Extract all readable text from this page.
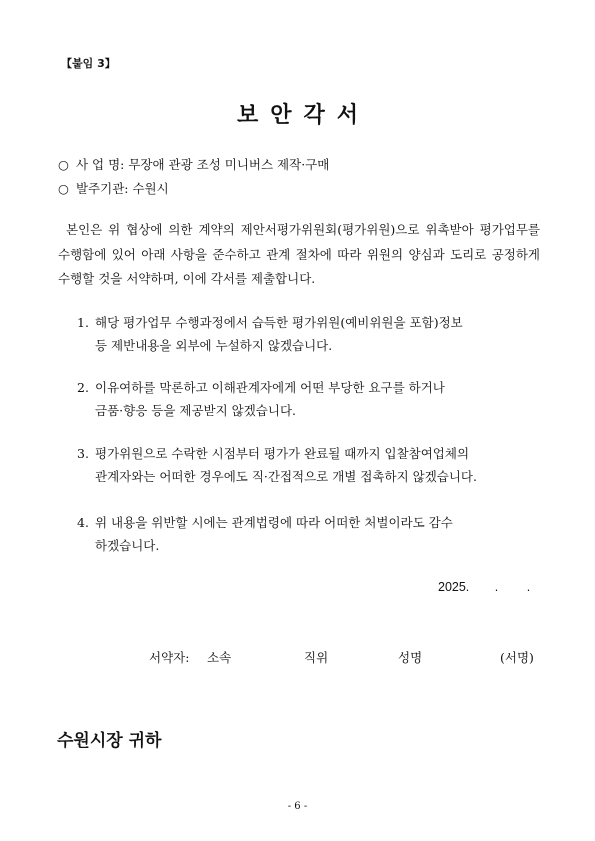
【붙임 3】
보안각서
○ 사 업 명: 무장애 관광 조성 미니버스 제작·구매
○ 발주기관: 수원시
본인은 위 협상에 의한 계약의 제안서평가위원회(평가위원)으로 위촉받아 평가업무를 수행함에 있어 아래 사항을 준수하고 관계 절차에 따라 위원의 양심과 도리로 공정하게 수행할 것을 서약하며, 이에 각서를 제출합니다.
1. 해당 평가업무 수행과정에서 습득한 평가위원(예비위원을 포함)정보
등 제반내용을 외부에 누설하지 않겠습니다.
2. 이유여하를 막론하고 이해관계자에게 어떤 부당한 요구를 하거나
금품·향응 등을 제공받지 않겠습니다.
3. 평가위원으로 수락한 시점부터 평가가 완료될 때까지 입찰참여업체의
관계자와는 어떠한 경우에도 직·간접적으로 개별 접촉하지 않겠습니다.
4. 위 내용을 위반할 시에는 관계법령에 따라 어떠한 처벌이라도 감수
하겠습니다.
2025. . .
서약자: 소속	직위	성명	(서명)
수원시장 귀하
- 6 -
